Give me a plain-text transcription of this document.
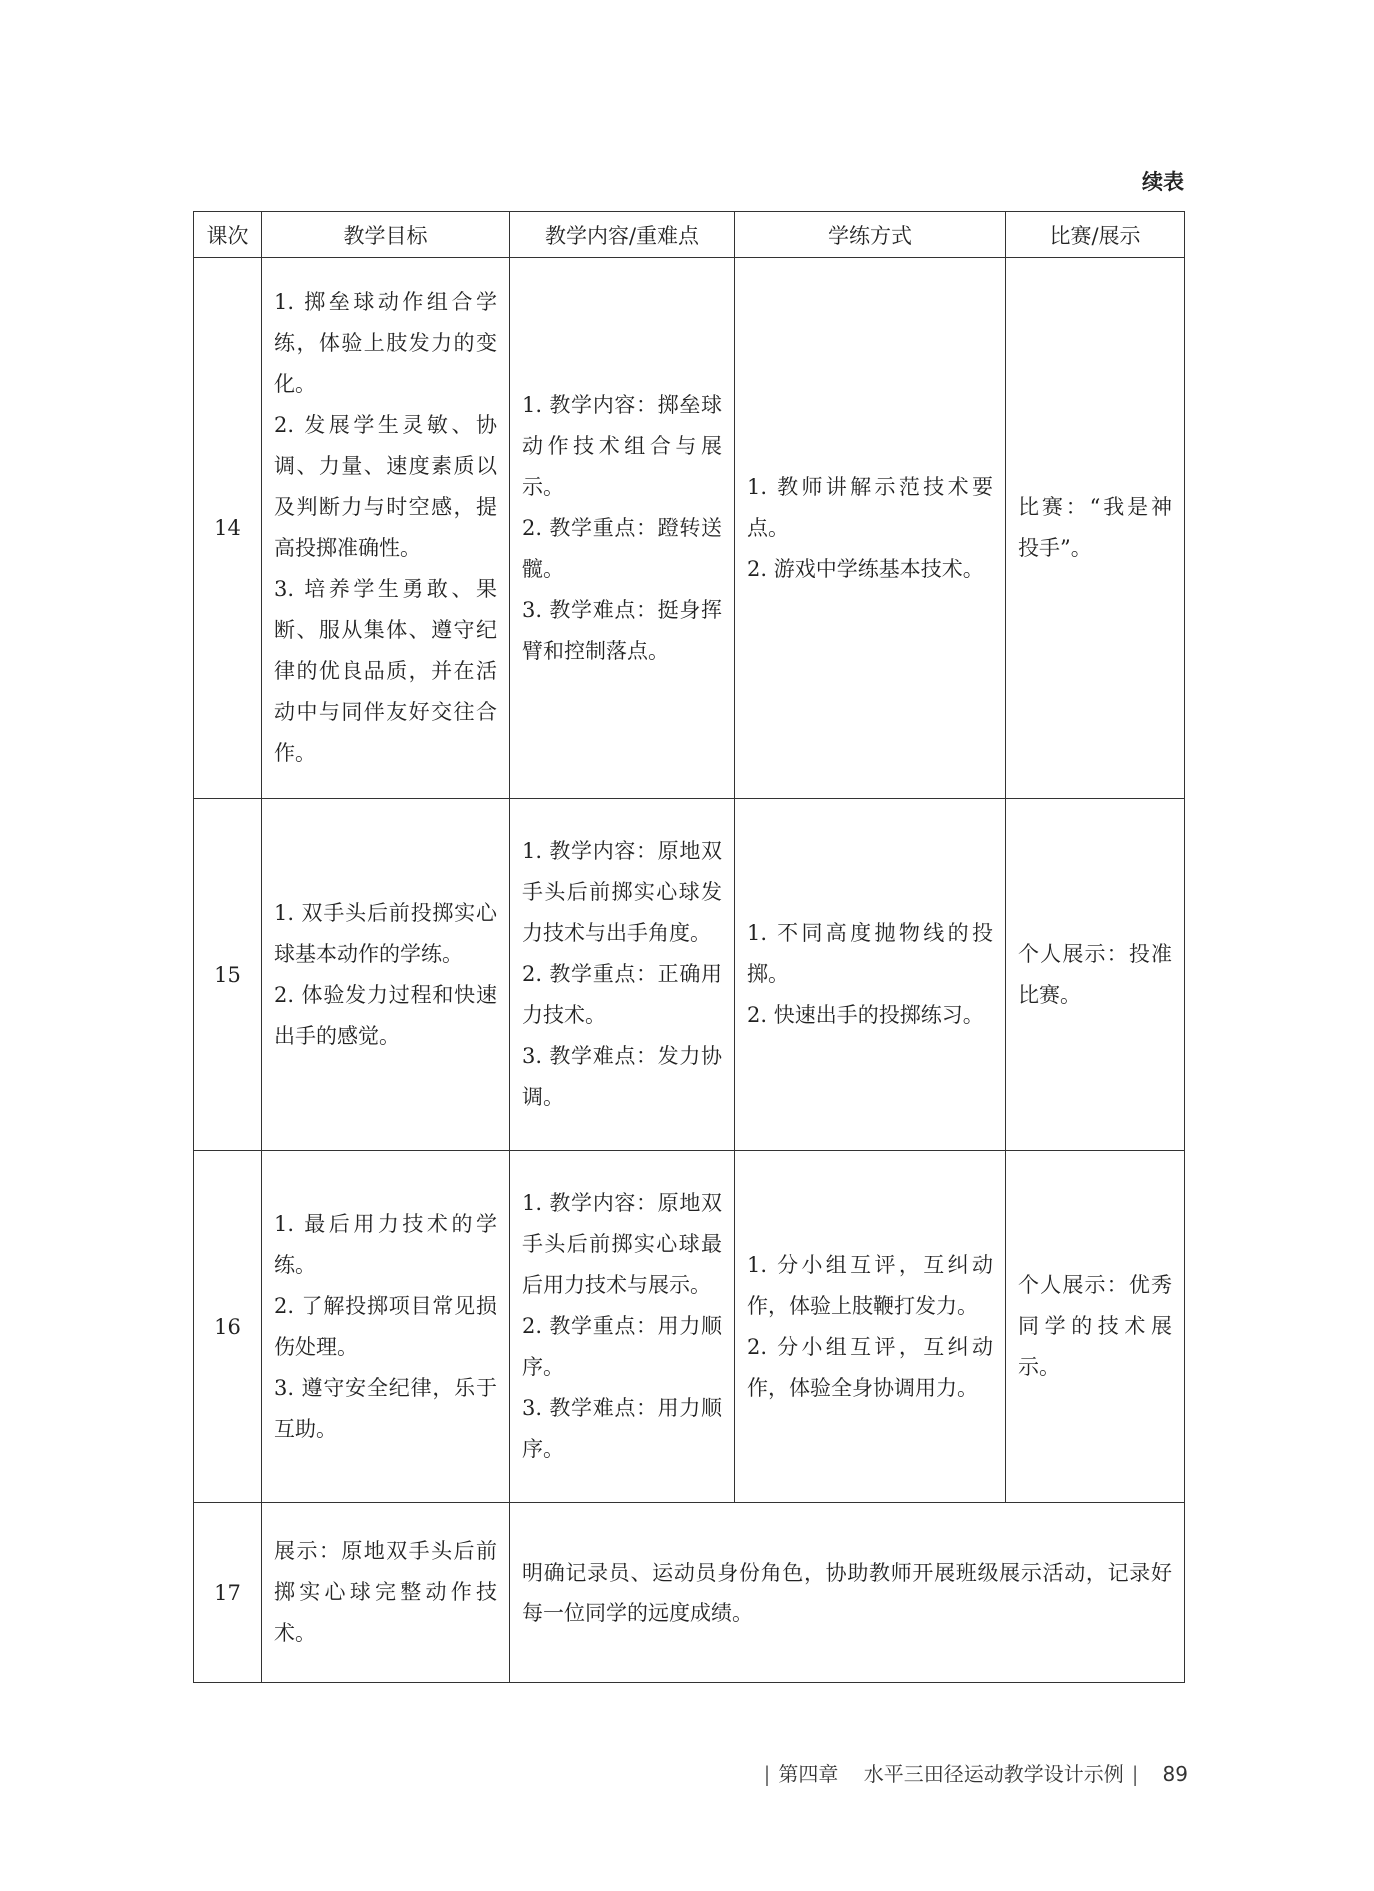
续表
课次	教学目标	教学内容/重难点	学练方式	比赛/展示
14	1. 掷垒球动作组合学练，体验上肢发力的变化。
2. 发展学生灵敏、协调、力量、速度素质以及判断力与时空感，提高投掷准确性。
3. 培养学生勇敢、果断、服从集体、遵守纪律的优良品质，并在活动中与同伴友好交往合作。	1. 教学内容：掷垒球动作技术组合与展示。
2. 教学重点：蹬转送髋。
3. 教学难点：挺身挥臂和控制落点。	1. 教师讲解示范技术要点。
2. 游戏中学练基本技术。	比赛：“我是神投手”。

15	1. 双手头后前投掷实心球基本动作的学练。
2. 体验发力过程和快速出手的感觉。	1. 教学内容：原地双手头后前掷实心球发力技术与出手角度。
2. 教学重点：正确用力技术。
3. 教学难点：发力协调。	1. 不同高度抛物线的投掷。
2. 快速出手的投掷练习。	个人展示：投准比赛。

16	1. 最后用力技术的学练。
2. 了解投掷项目常见损伤处理。
3. 遵守安全纪律，乐于互助。	1. 教学内容：原地双手头后前掷实心球最后用力技术与展示。
2. 教学重点：用力顺序。
3. 教学难点：用力顺序。	1. 分小组互评，互纠动作，体验上肢鞭打发力。
2. 分小组互评，互纠动作，体验全身协调用力。	个人展示：优秀同学的技术展示。

17	展示：原地双手头后前掷实心球完整动作技术。	明确记录员、运动员身份角色，协助教师开展班级展示活动，记录好每一位同学的远度成绩。		
| 第四章 水平三田径运动教学设计示例 | 89
